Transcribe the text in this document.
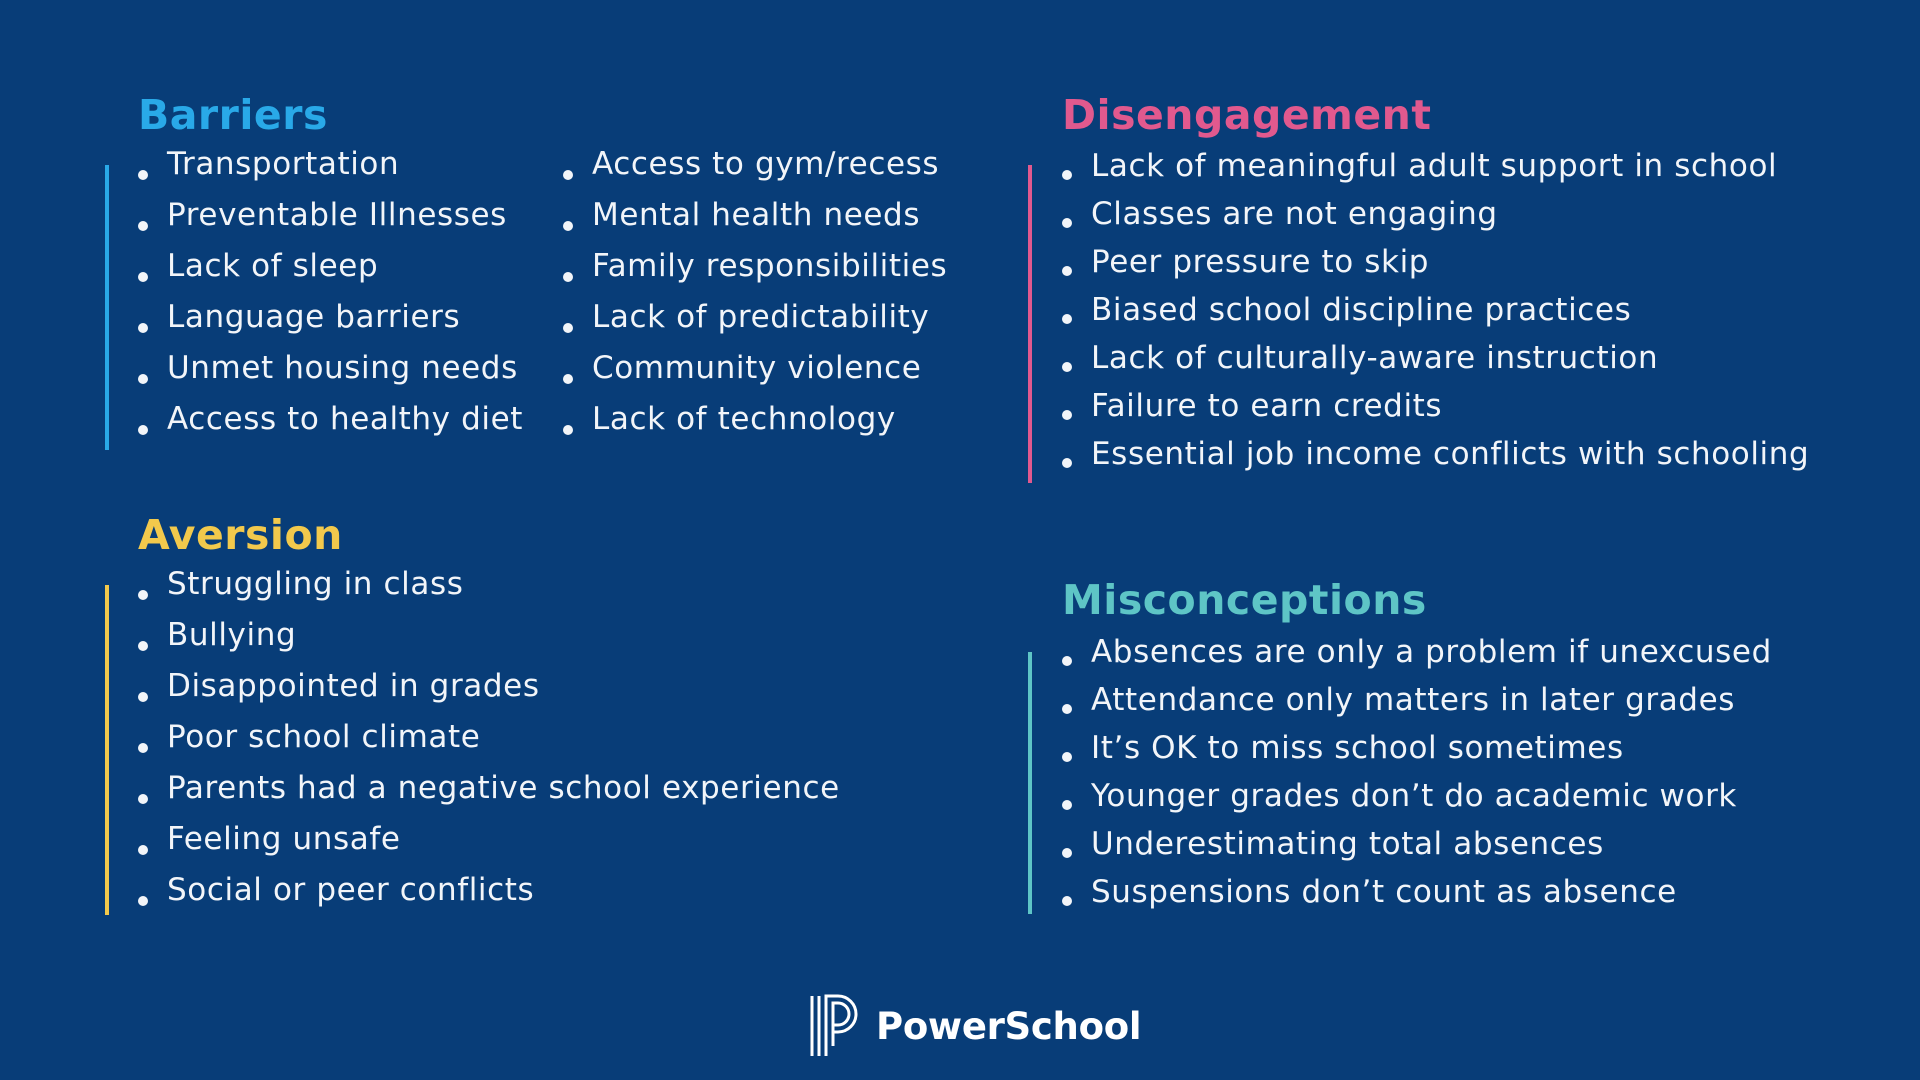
Barriers
Transportation
Preventable Illnesses
Lack of sleep
Language barriers
Unmet housing needs
Access to healthy diet
Access to gym/recess
Mental health needs
Family responsibilities
Lack of predictability
Community violence
Lack of technology
Disengagement
Lack of meaningful adult support in school
Classes are not engaging
Peer pressure to skip
Biased school discipline practices
Lack of culturally-aware instruction
Failure to earn credits
Essential job income conflicts with schooling
Aversion
Struggling in class
Bullying
Disappointed in grades
Poor school climate
Parents had a negative school experience
Feeling unsafe
Social or peer conflicts
Misconceptions
Absences are only a problem if unexcused
Attendance only matters in later grades
It’s OK to miss school sometimes
Younger grades don’t do academic work
Underestimating total absences
Suspensions don’t count as absence
PowerSchool
